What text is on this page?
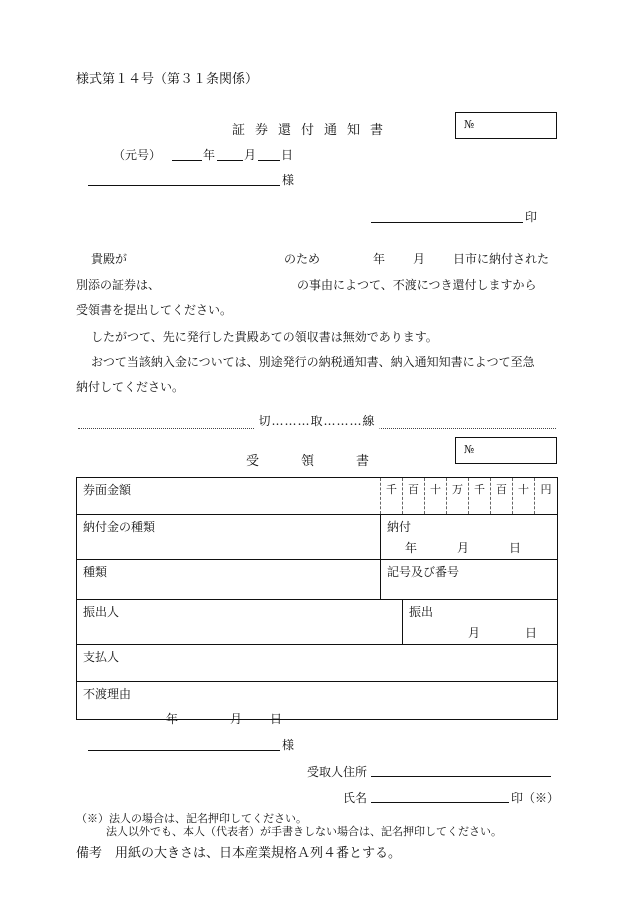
様式第１４号（第３１条関係）
証券還付通知書	№
（元号）	年 月 日
様
印
貴殿が	のため	年 月 日市に納付された
別添の証券は、	の事由によつて、不渡につき還付しますから
受領書を提出してください。
したがつて、先に発行した貴殿あての領収書は無効であります。
おつて当該納入金については、別途発行の納税通知書、納入通知知書によつて至急
納付してください。
切………取………線
受領書
№
券面金額	千	百	十	万	千	百	十	円
納付金の種類	納付
年 月 日							

種類	記号及び番号							
振出人		振出
月 日						

支払人								
不渡理由								
年	月 日
様
受取人住所
氏名	印（※）
（※）法人の場合は、記名押印してください。
法人以外でも、本人（代表者）が手書きしない場合は、記名押印してください。
備考　用紙の大きさは、日本産業規格Ａ列４番とする。
